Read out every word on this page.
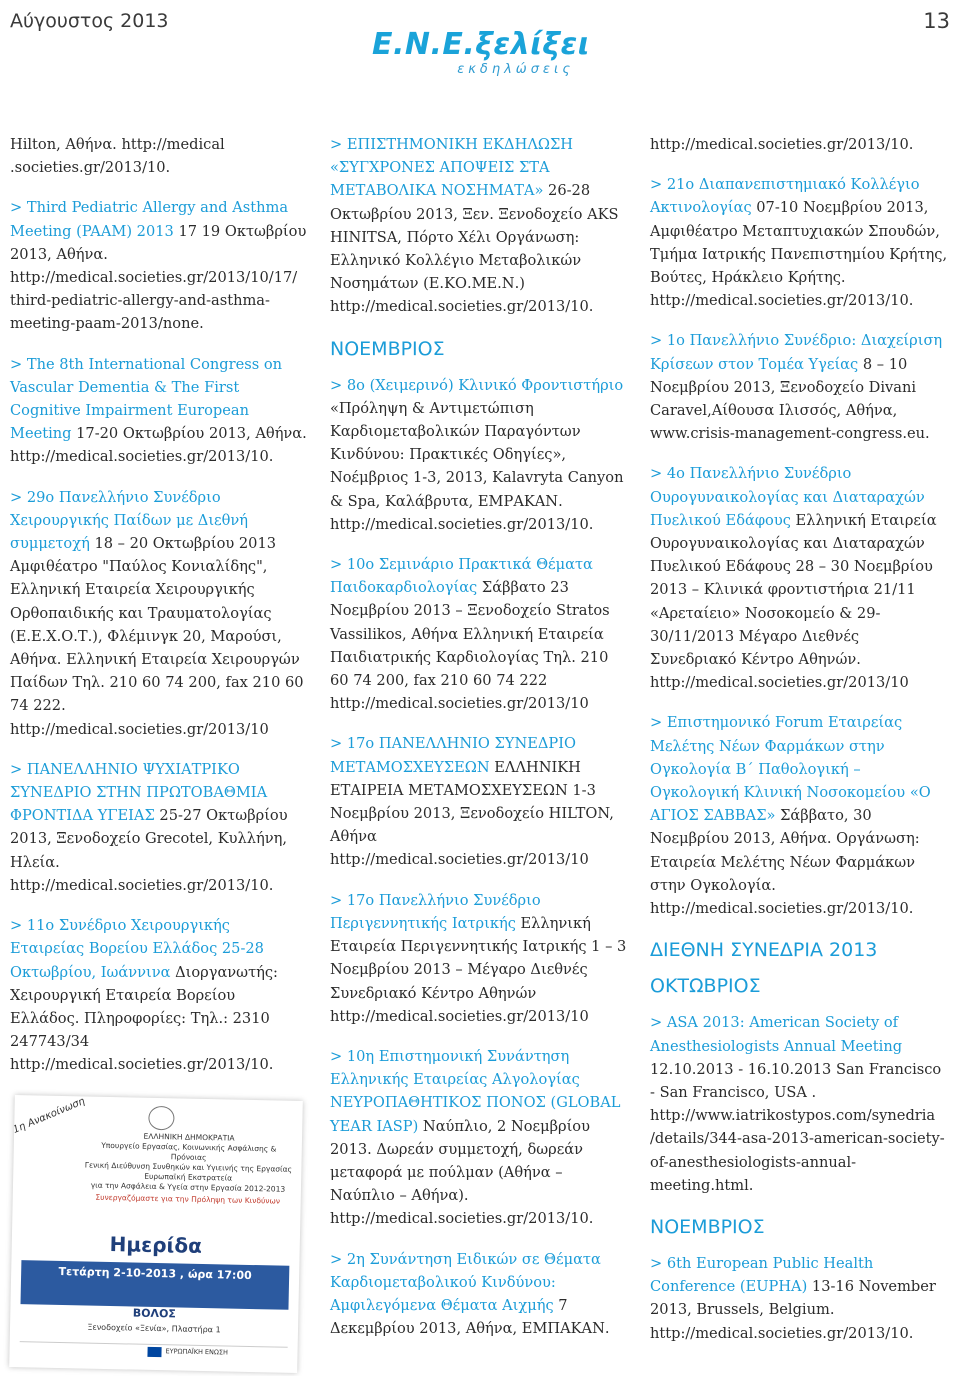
Αύγουστος 2013	13
Ε.Ν.Ε.ξελίξει
εκδηλώσεις
Hilton, Αθήνα. http://medical .societies.gr/2013/10.
> Third Pediatric Allergy and Asthma Meeting (PAAM) 2013 17 19 Οκτωβρίου 2013, Αθήνα. http://medical.societies.gr/2013/10/17/ third-pediatric-allergy-and-asthma-meeting-paam-2013/none.
> The 8th International Congress on Vascular Dementia & The First Cognitive Impairment European Meeting 17-20 Οκτωβρίου 2013, Αθήνα. http://medical.societies.gr/2013/10.
> 29ο Πανελλήνιο Συνέδριο Χειρουργικής Παίδων με Διεθνή συμμετοχή 18 – 20 Οκτωβρίου 2013 Αμφιθέατρο "Παύλος Κονιαλίδης", Ελληνική Εταιρεία Χειρουργικής Ορθοπαιδικής και Τραυματολογίας (Ε.Ε.Χ.Ο.Τ.), Φλέμινγκ 20, Μαρούσι, Αθήνα. Ελληνική Εταιρεία Χειρουργών Παίδων Τηλ. 210 60 74 200, fax 210 60 74 222. http://medical.societies.gr/2013/10
> ΠΑΝΕΛΛΗΝΙΟ ΨΥΧΙΑΤΡΙΚΟ ΣΥΝΕΔΡΙΟ ΣΤΗΝ ΠΡΩΤΟΒΑΘΜΙΑ ΦΡΟΝΤΙΔΑ ΥΓΕΙΑΣ 25-27 Οκτωβρίου 2013, Ξενοδοχείο Grecotel, Κυλλήνη, Ηλεία. http://medical.societies.gr/2013/10.
> 11ο Συνέδριο Χειρουργικής Εταιρείας Βορείου Ελλάδος 25-28 Οκτωβρίου, Ιωάννινα Διοργανωτής: Χειρουργική Εταιρεία Βορείου Ελλάδος. Πληροφορίες: Τηλ.: 2310 247743/34 http://medical.societies.gr/2013/10.
> ΕΠΙΣΤΗΜΟΝΙΚΗ ΕΚΔΗΛΩΣΗ «ΣΥΓΧΡΟΝΕΣ ΑΠΟΨΕΙΣ ΣΤΑ ΜΕΤΑΒΟΛΙΚΑ ΝΟΣΗΜΑΤΑ» 26-28 Οκτωβρίου 2013, Ξεν. Ξενοδοχείο AKS HINITSA, Πόρτο Χέλι Οργάνωση: Ελληνικό Κολλέγιο Μεταβολικών Νοσημάτων (Ε.ΚΟ.ΜΕ.Ν.) http://medical.societies.gr/2013/10.
ΝΟΕΜΒΡΙΟΣ
> 8ο (Χειμερινό) Κλινικό Φροντιστήριο «Πρόληψη & Αντιμετώπιση Καρδιομεταβολικών Παραγόντων Κινδύνου: Πρακτικές Οδηγίες», Νοέμβριος 1-3, 2013, Kalavryta Canyon & Spa, Καλάβρυτα, ΕΜΡΑΚΑΝ. http://medical.societies.gr/2013/10.
> 10ο Σεμινάριο Πρακτικά Θέματα Παιδοκαρδιολογίας Σάββατο 23 Νοεμβρίου 2013 – Ξενοδοχείο Stratos Vassilikos, Αθήνα Ελληνική Εταιρεία Παιδιατρικής Καρδιολογίας Τηλ. 210 60 74 200, fax 210 60 74 222 http://medical.societies.gr/2013/10
> 17ο ΠΑΝΕΛΛΗΝΙΟ ΣΥΝΕΔΡΙΟ ΜΕΤΑΜΟΣΧΕΥΣΕΩΝ ΕΛΛΗΝΙΚΗ ΕΤΑΙΡΕΙΑ ΜΕΤΑΜΟΣΧΕΥΣΕΩΝ 1-3 Νοεμβρίου 2013, Ξενοδοχείο HILTON, Αθήνα http://medical.societies.gr/2013/10
> 17ο Πανελλήνιο Συνέδριο Περιγεννητικής Ιατρικής Ελληνική Εταιρεία Περιγεννητικής Ιατρικής 1 – 3 Νοεμβρίου 2013 – Μέγαρο Διεθνές Συνεδριακό Κέντρο Αθηνών http://medical.societies.gr/2013/10
> 10η Επιστημονική Συνάντηση Ελληνικής Εταιρείας Αλγολογίας ΝΕΥΡΟΠΑΘΗΤΙΚΟΣ ΠΟΝΟΣ (GLOBAL YEAR IASP) Ναύπλιο, 2 Νοεμβρίου 2013. Δωρεάν συμμετοχή, δωρεάν μεταφορά με πούλμαν (Αθήνα – Ναύπλιο – Αθήνα). http://medical.societies.gr/2013/10.
> 2η Συνάντηση Ειδικών σε Θέματα Καρδιομεταβολικού Κινδύνου: Αμφιλεγόμενα Θέματα Αιχμής 7 Δεκεμβρίου 2013, Αθήνα, ΕΜΠΑΚΑΝ.
http://medical.societies.gr/2013/10.
> 21ο Διαπανεπιστημιακό Κολλέγιο Ακτινολογίας 07-10 Νοεμβρίου 2013, Αμφιθέατρο Μεταπτυχιακών Σπουδών, Τμήμα Ιατρικής Πανεπιστημίου Κρήτης, Βούτες, Ηράκλειο Κρήτης. http://medical.societies.gr/2013/10.
> 1ο Πανελλήνιο Συνέδριο: Διαχείριση Κρίσεων στον Τομέα Υγείας 8 – 10 Νοεμβρίου 2013, Ξενοδοχείο Divani Caravel,Αίθουσα Ιλισσός, Αθήνα, www.crisis-management-congress.eu.
> 4ο Πανελλήνιο Συνέδριο Ουρογυναικολογίας και Διαταραχών Πυελικού Εδάφους Ελληνική Εταιρεία Ουρογυναικολογίας και Διαταραχών Πυελικού Εδάφους 28 – 30 Νοεμβρίου 2013 – Κλινικά φροντιστήρια 21/11 «Αρεταίειο» Νοσοκομείο & 29-30/11/2013 Μέγαρο Διεθνές Συνεδριακό Κέντρο Αθηνών. http://medical.societies.gr/2013/10
> Επιστημονικό Forum Εταιρείας Μελέτης Νέων Φαρμάκων στην Ογκολογία Β΄ Παθολογική – Ογκολογική Κλινική Νοσοκομείου «Ο ΑΓΙΟΣ ΣΑΒΒΑΣ» Σάββατο, 30 Νοεμβρίου 2013, Αθήνα. Οργάνωση: Εταιρεία Μελέτης Νέων Φαρμάκων στην Ογκολογία. http://medical.societies.gr/2013/10.
ΔΙΕΘΝΗ ΣΥΝΕΔΡΙΑ 2013
ΟΚΤΩΒΡΙΟΣ
> ASA 2013: American Society of Anesthesiologists Annual Meeting 12.10.2013 - 16.10.2013 San Francisco - San Francisco, USA . http://www.iatrikostypos.com/synedria /details/344-asa-2013-american-society-of-anesthesiologists-annual-meeting.html.
ΝΟΕΜΒΡΙΟΣ
> 6th European Public Health Conference (EUPHA) 13-16 November 2013, Brussels, Belgium. http://medical.societies.gr/2013/10.
1η Ανακοίνωση
ΕΛΛΗΝΙΚΗ ΔΗΜΟΚΡΑΤΙΑ
Υπουργείο Εργασίας, Κοινωνικής Ασφάλισης & Πρόνοιας
Γενική Διεύθυνση Συνθηκών και Υγιεινής της Εργασίας
Ευρωπαϊκή Εκστρατεία
για την Ασφάλεια & Υγεία στην Εργασία 2012-2013
Συνεργαζόμαστε για την Πρόληψη των Κινδύνων
Ημερίδα
Τετάρτη 2-10-2013 , ώρα 17:00
ΒΟΛΟΣ
Ξενοδοχείο «Ξενία», Πλαστήρα 1
ΕΥΡΩΠΑΪΚΗ ΕΝΩΣΗ
